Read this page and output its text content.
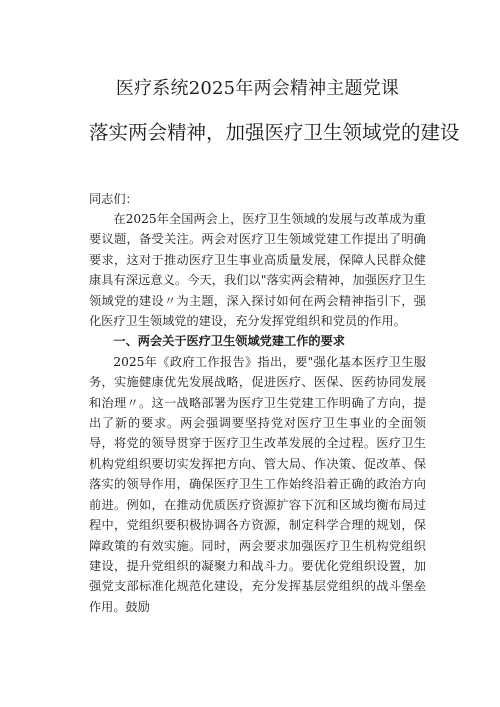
医疗系统2025年两会精神主题党课
落实两会精神，加强医疗卫生领域党的建设
同志们：

在2025年全国两会上，医疗卫生领域的发展与改革成为重要议题，备受关注。两会对医疗卫生领域党建工作提出了明确要求，这对于推动医疗卫生事业高质量发展，保障人民群众健康具有深远意义。今天，我们以"落实两会精神，加强医疗卫生领域党的建设〃为主题，深入探讨如何在两会精神指引下，强化医疗卫生领域党的建设，充分发挥党组织和党员的作用。

一、两会关于医疗卫生领域党建工作的要求

2025年《政府工作报告》指出，要"强化基本医疗卫生服务，实施健康优先发展战略，促进医疗、医保、医药协同发展和治理〃。这一战略部署为医疗卫生党建工作明确了方向，提出了新的要求。两会强调要坚持党对医疗卫生事业的全面领导，将党的领导贯穿于医疗卫生改革发展的全过程。医疗卫生机构党组织要切实发挥把方向、管大局、作决策、促改革、保落实的领导作用，确保医疗卫生工作始终沿着正确的政治方向前进。例如，在推动优质医疗资源扩容下沉和区域均衡布局过程中，党组织要积极协调各方资源，制定科学合理的规划，保障政策的有效实施。同时，两会要求加强医疗卫生机构党组织建设，提升党组织的凝聚力和战斗力。要优化党组织设置，加强党支部标准化规范化建设，充分发挥基层党组织的战斗堡垒作用。鼓励
